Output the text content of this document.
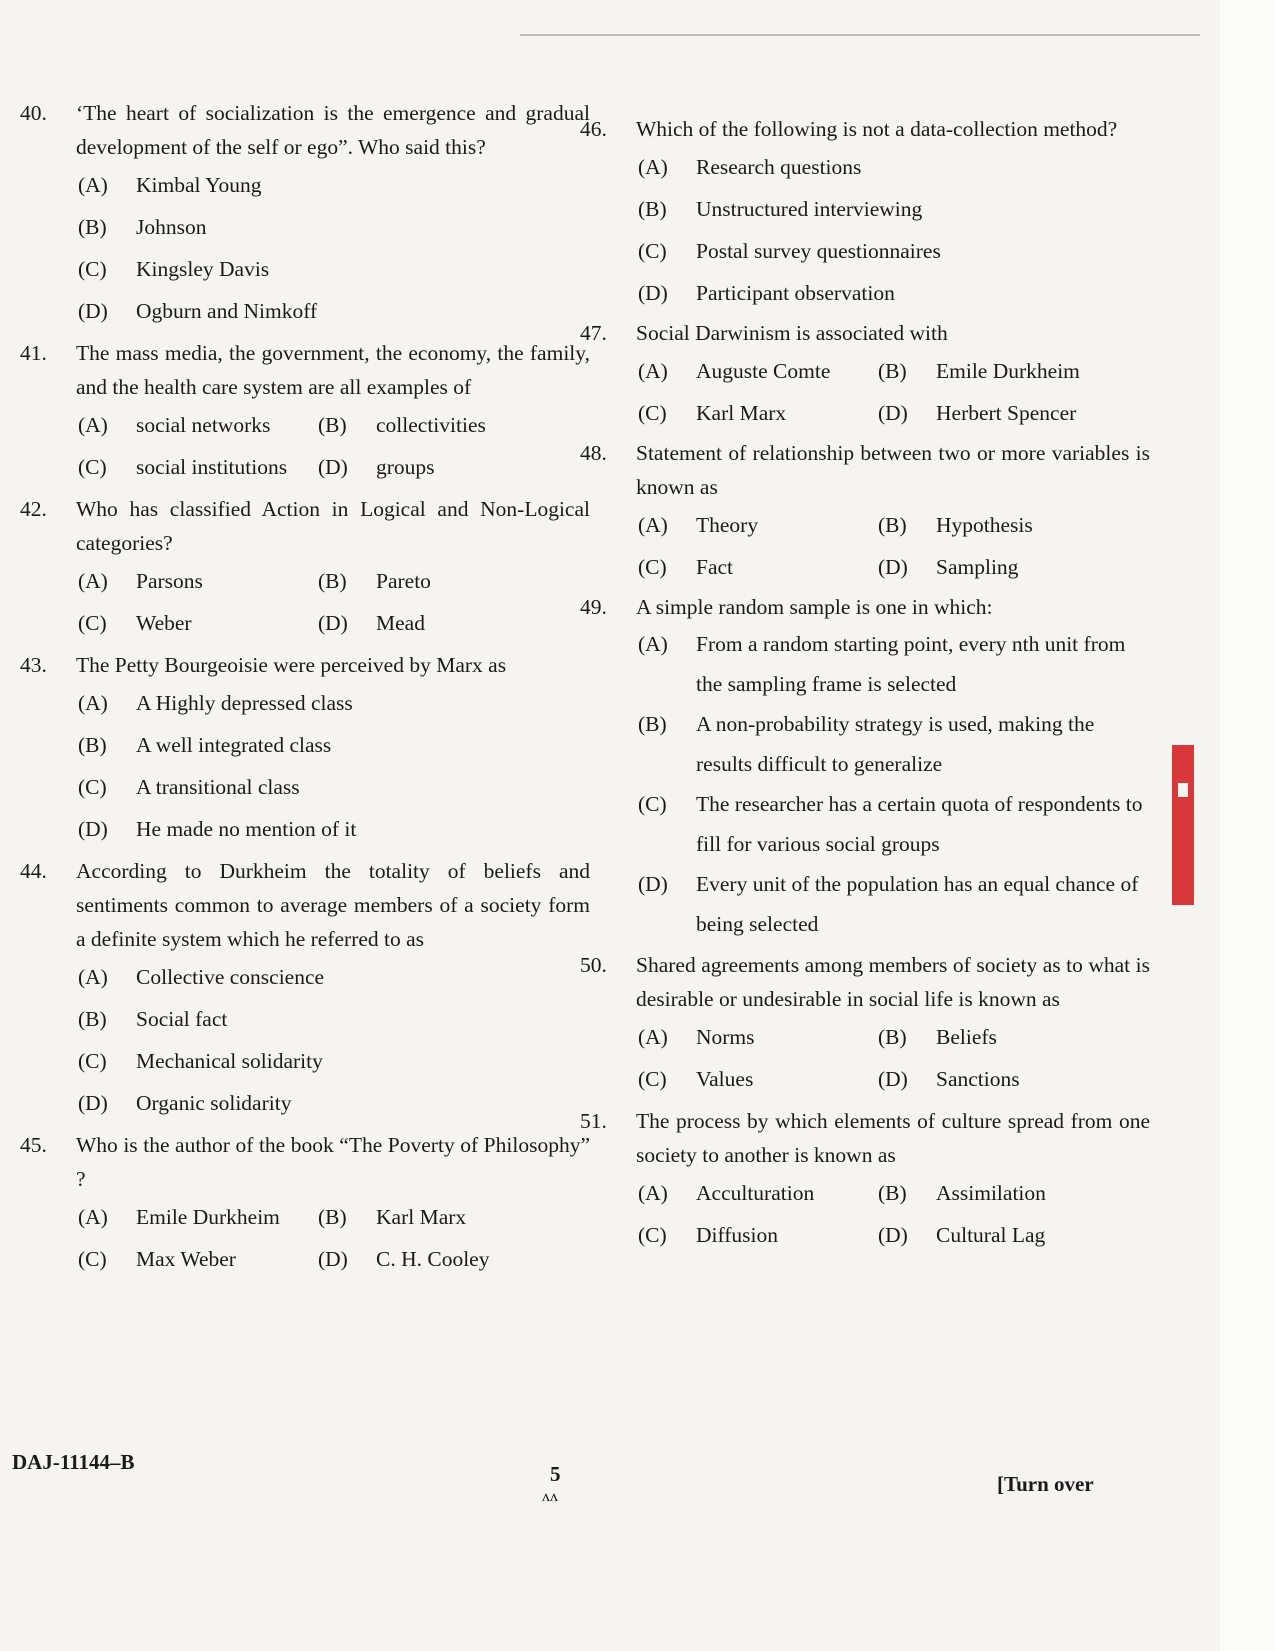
40. ‘The heart of socialization is the emergence and gradual development of the self or ego”. Who said this?
(A)	Kimbal Young
(B)	Johnson
(C)	Kingsley Davis
(D)	Ogburn and Nimkoff
41. The mass media, the government, the economy, the family, and the health care system are all examples of
(A)	social networks	(B)	collectivities
(C)	social institutions	(D)	groups
42. Who has classified Action in Logical and Non-Logical categories?
(A)	Parsons	(B)	Pareto
(C)	Weber	(D)	Mead
43. The Petty Bourgeoisie were perceived by Marx as
(A)	A Highly depressed class
(B)	A well integrated class
(C)	A transitional class
(D)	He made no mention of it
44. According to Durkheim the totality of beliefs and sentiments common to average members of a society form a definite system which he referred to as
(A)	Collective conscience
(B)	Social fact
(C)	Mechanical solidarity
(D)	Organic solidarity
45. Who is the author of the book “The Poverty of Philosophy” ?
(A)	Emile Durkheim	(B)	Karl Marx
(C)	Max Weber	(D)	C. H. Cooley
46. Which of the following is not a data-collection method?
(A)	Research questions
(B)	Unstructured interviewing
(C)	Postal survey questionnaires
(D)	Participant observation
47. Social Darwinism is associated with
(A)	Auguste Comte	(B)	Emile Durkheim
(C)	Karl Marx	(D)	Herbert Spencer
48. Statement of relationship between two or more variables is known as
(A)	Theory	(B)	Hypothesis
(C)	Fact	(D)	Sampling
49. A simple random sample is one in which:
(A)	From a random starting point, every nth unit from the sampling frame is selected
(B)	A non-probability strategy is used, making the results difficult to generalize
(C)	The researcher has a certain quota of respondents to fill for various social groups
(D)	Every unit of the population has an equal chance of being selected
50. Shared agreements among members of society as to what is desirable or undesirable in social life is known as
(A)	Norms	(B)	Beliefs
(C)	Values	(D)	Sanctions
51. The process by which elements of culture spread from one society to another is known as
(A)	Acculturation	(B)	Assimilation
(C)	Diffusion	(D)	Cultural Lag
DAJ-11144–B	5
ʌʌ
[Turn over
